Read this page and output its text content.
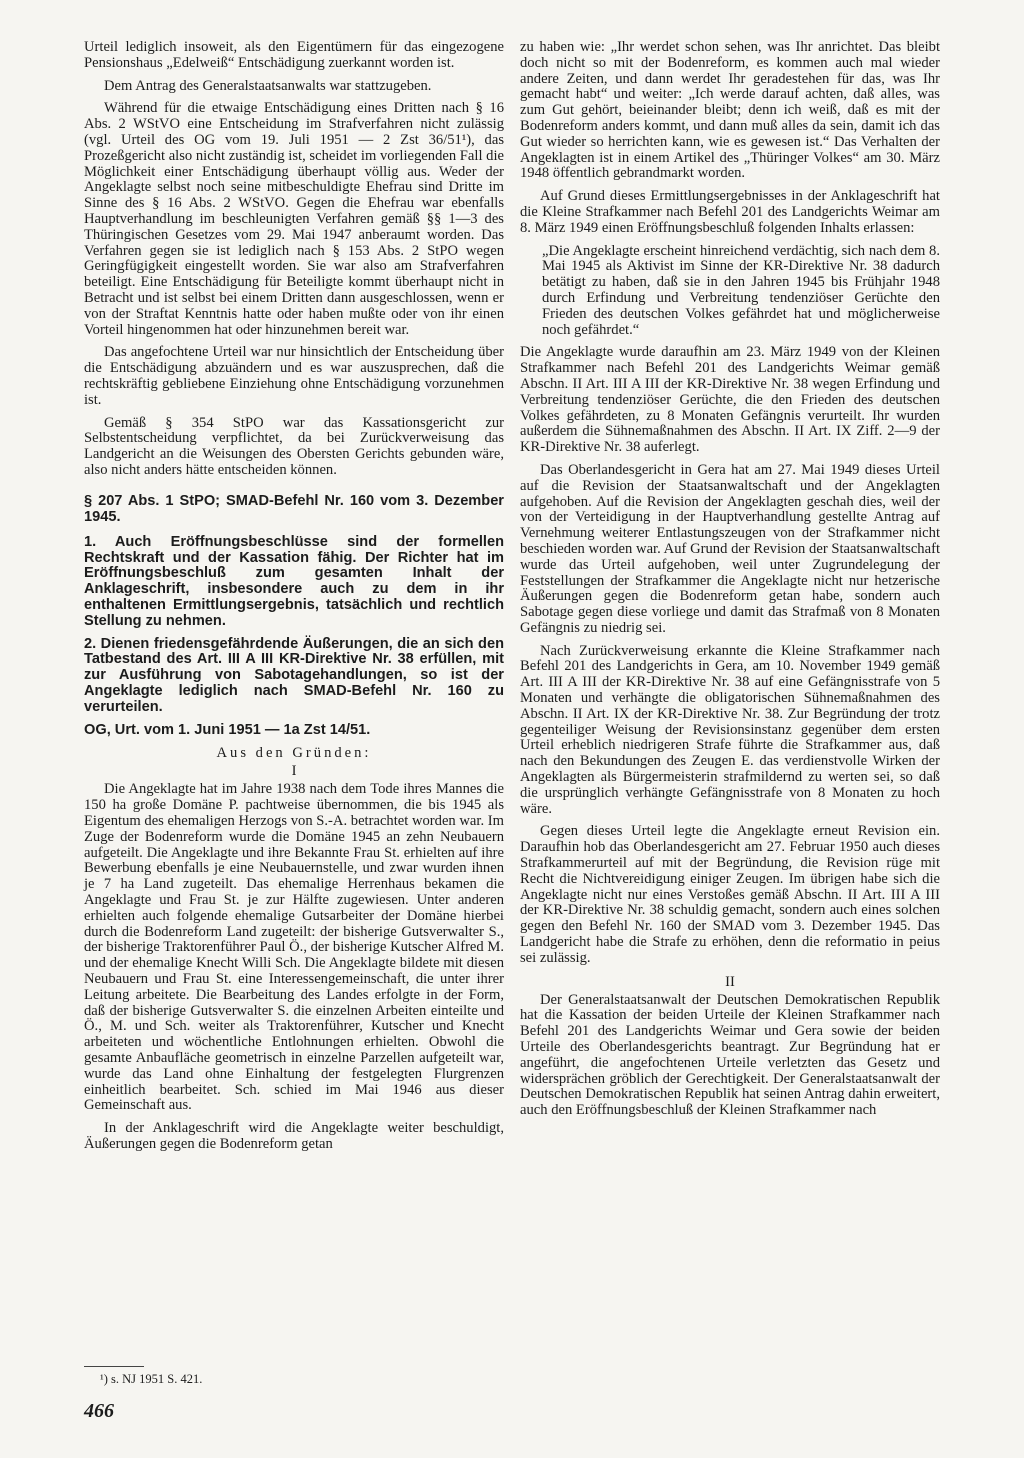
Urteil lediglich insoweit, als den Eigentümern für das eingezogene Pensionshaus „Edelweiß“ Entschädigung zuerkannt worden ist.

Dem Antrag des Generalstaatsanwalts war stattzugeben.

Während für die etwaige Entschädigung eines Dritten nach § 16 Abs. 2 WStVO eine Entscheidung im Strafverfahren nicht zulässig (vgl. Urteil des OG vom 19. Juli 1951 — 2 Zst 36/51¹), das Prozeßgericht also nicht zuständig ist, scheidet im vorliegenden Fall die Möglichkeit einer Entschädigung überhaupt völlig aus. Weder der Angeklagte selbst noch seine mitbeschuldigte Ehefrau sind Dritte im Sinne des § 16 Abs. 2 WStVO. Gegen die Ehefrau war ebenfalls Hauptverhandlung im beschleunigten Verfahren gemäß §§ 1—3 des Thüringischen Gesetzes vom 29. Mai 1947 anberaumt worden. Das Verfahren gegen sie ist lediglich nach § 153 Abs. 2 StPO wegen Geringfügigkeit eingestellt worden. Sie war also am Strafverfahren beteiligt. Eine Entschädigung für Beteiligte kommt überhaupt nicht in Betracht und ist selbst bei einem Dritten dann ausgeschlossen, wenn er von der Straftat Kenntnis hatte oder haben mußte oder von ihr einen Vorteil hingenommen hat oder hinzunehmen bereit war.

Das angefochtene Urteil war nur hinsichtlich der Entscheidung über die Entschädigung abzuändern und es war auszusprechen, daß die rechtskräftig gebliebene Einziehung ohne Entschädigung vorzunehmen ist.

Gemäß § 354 StPO war das Kassationsgericht zur Selbstentscheidung verpflichtet, da bei Zurückverweisung das Landgericht an die Weisungen des Obersten Gerichts gebunden wäre, also nicht anders hätte entscheiden können.

§ 207 Abs. 1 StPO; SMAD-Befehl Nr. 160 vom 3. Dezember 1945.

1. Auch Eröffnungsbeschlüsse sind der formellen Rechtskraft und der Kassation fähig. Der Richter hat im Eröffnungsbeschluß zum gesamten Inhalt der Anklageschrift, insbesondere auch zu dem in ihr enthaltenen Ermittlungsergebnis, tatsächlich und rechtlich Stellung zu nehmen.

2. Dienen friedensgefährdende Äußerungen, die an sich den Tatbestand des Art. III A III KR-Direktive Nr. 38 erfüllen, mit zur Ausführung von Sabotagehandlungen, so ist der Angeklagte lediglich nach SMAD-Befehl Nr. 160 zu verurteilen.

OG, Urt. vom 1. Juni 1951 — 1a Zst 14/51.

Aus den Gründen:

I

Die Angeklagte hat im Jahre 1938 nach dem Tode ihres Mannes die 150 ha große Domäne P. pachtweise übernommen, die bis 1945 als Eigentum des ehemaligen Herzogs von S.-A. betrachtet worden war. Im Zuge der Bodenreform wurde die Domäne 1945 an zehn Neubauern aufgeteilt. Die Angeklagte und ihre Bekannte Frau St. erhielten auf ihre Bewerbung ebenfalls je eine Neubauernstelle, und zwar wurden ihnen je 7 ha Land zugeteilt. Das ehemalige Herrenhaus bekamen die Angeklagte und Frau St. je zur Hälfte zugewiesen. Unter anderen erhielten auch folgende ehemalige Gutsarbeiter der Domäne hierbei durch die Bodenreform Land zugeteilt: der bisherige Gutsverwalter S., der bisherige Traktorenführer Paul Ö., der bisherige Kutscher Alfred M. und der ehemalige Knecht Willi Sch. Die Angeklagte bildete mit diesen Neubauern und Frau St. eine Interessengemeinschaft, die unter ihrer Leitung arbeitete. Die Bearbeitung des Landes erfolgte in der Form, daß der bisherige Gutsverwalter S. die einzelnen Arbeiten einteilte und Ö., M. und Sch. weiter als Traktorenführer, Kutscher und Knecht arbeiteten und wöchentliche Entlohnungen erhielten. Obwohl die gesamte Anbaufläche geometrisch in einzelne Parzellen aufgeteilt war, wurde das Land ohne Einhaltung der festgelegten Flurgrenzen einheitlich bearbeitet. Sch. schied im Mai 1946 aus dieser Gemeinschaft aus.

In der Anklageschrift wird die Angeklagte weiter beschuldigt, Äußerungen gegen die Bodenreform getan

zu haben wie: „Ihr werdet schon sehen, was Ihr anrichtet. Das bleibt doch nicht so mit der Bodenreform, es kommen auch mal wieder andere Zeiten, und dann werdet Ihr geradestehen für das, was Ihr gemacht habt“ und weiter: „Ich werde darauf achten, daß alles, was zum Gut gehört, beieinander bleibt; denn ich weiß, daß es mit der Bodenreform anders kommt, und dann muß alles da sein, damit ich das Gut wieder so herrichten kann, wie es gewesen ist.“ Das Verhalten der Angeklagten ist in einem Artikel des „Thüringer Volkes“ am 30. März 1948 öffentlich gebrandmarkt worden.

Auf Grund dieses Ermittlungsergebnisses in der Anklageschrift hat die Kleine Strafkammer nach Befehl 201 des Landgerichts Weimar am 8. März 1949 einen Eröffnungsbeschluß folgenden Inhalts erlassen:

„Die Angeklagte erscheint hinreichend verdächtig, sich nach dem 8. Mai 1945 als Aktivist im Sinne der KR-Direktive Nr. 38 dadurch betätigt zu haben, daß sie in den Jahren 1945 bis Frühjahr 1948 durch Erfindung und Verbreitung tendenziöser Gerüchte den Frieden des deutschen Volkes gefährdet hat und möglicherweise noch gefährdet.“

Die Angeklagte wurde daraufhin am 23. März 1949 von der Kleinen Strafkammer nach Befehl 201 des Landgerichts Weimar gemäß Abschn. II Art. III A III der KR-Direktive Nr. 38 wegen Erfindung und Verbreitung tendenziöser Gerüchte, die den Frieden des deutschen Volkes gefährdeten, zu 8 Monaten Gefängnis verurteilt. Ihr wurden außerdem die Sühnemaßnahmen des Abschn. II Art. IX Ziff. 2—9 der KR-Direktive Nr. 38 auferlegt.

Das Oberlandesgericht in Gera hat am 27. Mai 1949 dieses Urteil auf die Revision der Staatsanwaltschaft und der Angeklagten aufgehoben. Auf die Revision der Angeklagten geschah dies, weil der von der Verteidigung in der Hauptverhandlung gestellte Antrag auf Vernehmung weiterer Entlastungszeugen von der Strafkammer nicht beschieden worden war. Auf Grund der Revision der Staatsanwaltschaft wurde das Urteil aufgehoben, weil unter Zugrundelegung der Feststellungen der Strafkammer die Angeklagte nicht nur hetzerische Äußerungen gegen die Bodenreform getan habe, sondern auch Sabotage gegen diese vorliege und damit das Strafmaß von 8 Monaten Gefängnis zu niedrig sei.

Nach Zurückverweisung erkannte die Kleine Strafkammer nach Befehl 201 des Landgerichts in Gera, am 10. November 1949 gemäß Art. III A III der KR-Direktive Nr. 38 auf eine Gefängnisstrafe von 5 Monaten und verhängte die obligatorischen Sühnemaßnahmen des Abschn. II Art. IX der KR-Direktive Nr. 38. Zur Begründung der trotz gegenteiliger Weisung der Revisionsinstanz gegenüber dem ersten Urteil erheblich niedrigeren Strafe führte die Strafkammer aus, daß nach den Bekundungen des Zeugen E. das verdienstvolle Wirken der Angeklagten als Bürgermeisterin strafmildernd zu werten sei, so daß die ursprünglich verhängte Gefängnisstrafe von 8 Monaten zu hoch wäre.

Gegen dieses Urteil legte die Angeklagte erneut Revision ein. Daraufhin hob das Oberlandesgericht am 27. Februar 1950 auch dieses Strafkammerurteil auf mit der Begründung, die Revision rüge mit Recht die Nichtvereidigung einiger Zeugen. Im übrigen habe sich die Angeklagte nicht nur eines Verstoßes gemäß Abschn. II Art. III A III der KR-Direktive Nr. 38 schuldig gemacht, sondern auch eines solchen gegen den Befehl Nr. 160 der SMAD vom 3. Dezember 1945. Das Landgericht habe die Strafe zu erhöhen, denn die reformatio in peius sei zulässig.

II

Der Generalstaatsanwalt der Deutschen Demokratischen Republik hat die Kassation der beiden Urteile der Kleinen Strafkammer nach Befehl 201 des Landgerichts Weimar und Gera sowie der beiden Urteile des Oberlandesgerichts beantragt. Zur Begründung hat er angeführt, die angefochtenen Urteile verletzten das Gesetz und widersprächen gröblich der Gerechtigkeit. Der Generalstaatsanwalt der Deutschen Demokratischen Republik hat seinen Antrag dahin erweitert, auch den Eröffnungsbeschluß der Kleinen Strafkammer nach

¹) s. NJ 1951 S. 421.
466
